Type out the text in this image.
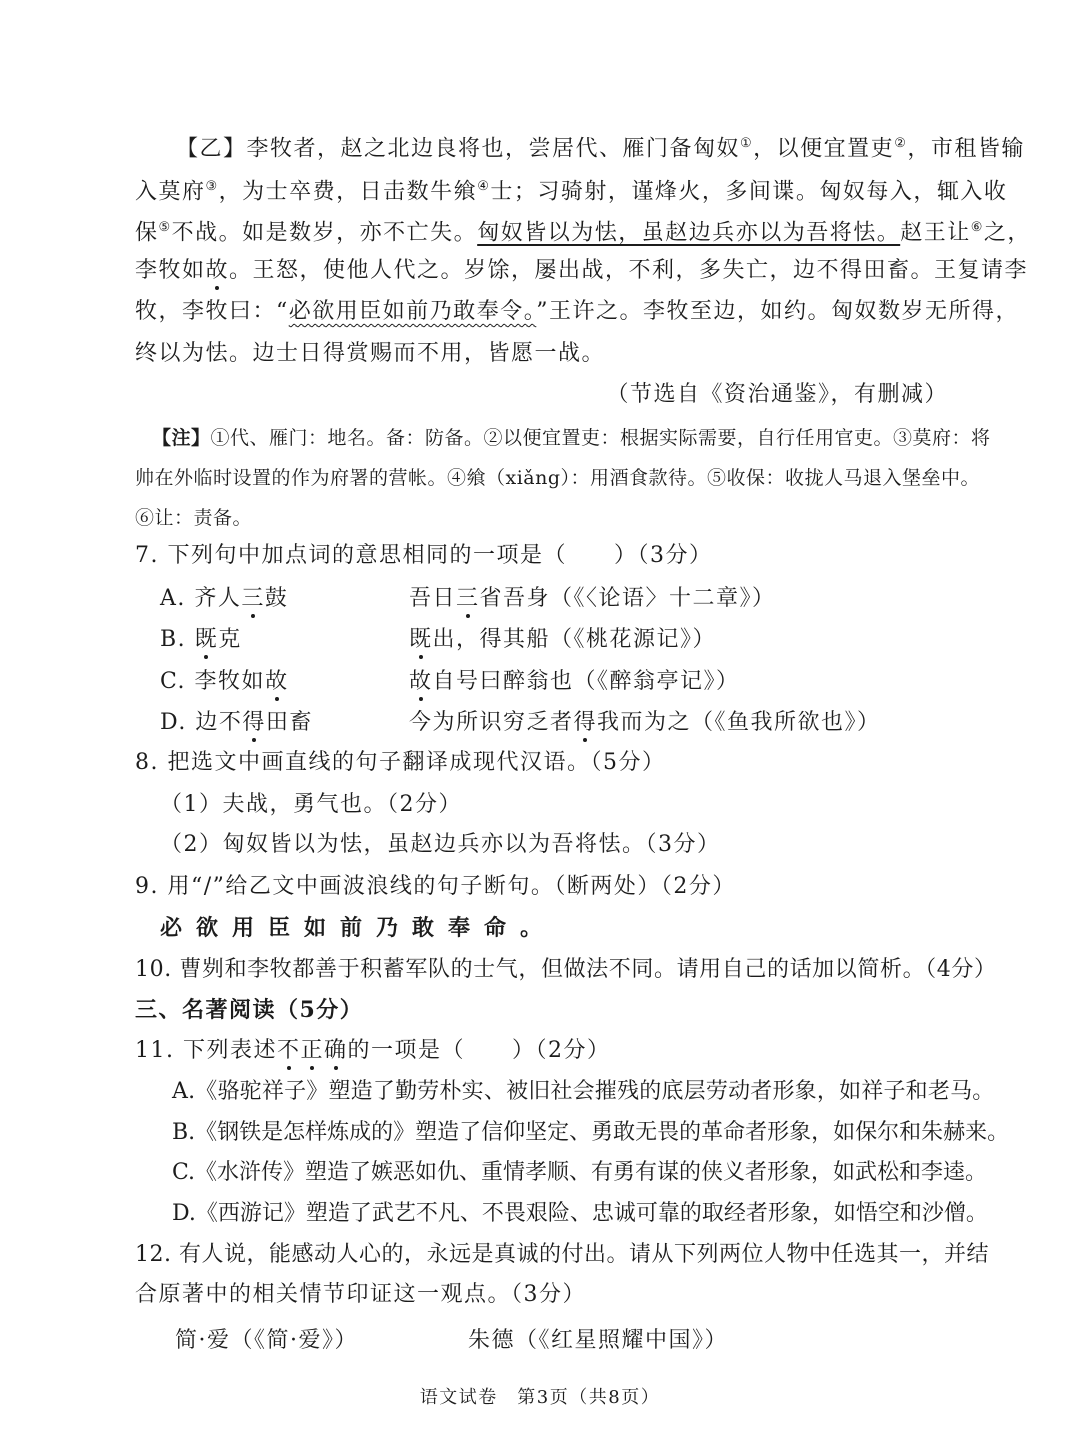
【乙】李牧者，赵之北边良将也，尝居代、雁门备匈奴①，以便宜置吏②，市租皆输
入莫府③，为士卒费，日击数牛飨④士；习骑射，谨烽火，多间谍。匈奴每入，辄入收
保⑤不战。如是数岁，亦不亡失。匈奴皆以为怯，虽赵边兵亦以为吾将怯。赵王让⑥之，
李牧如故。王怒，使他人代之。岁馀，屡出战，不利，多失亡，边不得田畜。王复请李
牧，李牧曰：“必欲用臣如前乃敢奉令。”王许之。李牧至边，如约。匈奴数岁无所得，
终以为怯。边士日得赏赐而不用，皆愿一战。
（节选自《资治通鉴》，有删减）
【注】①代、雁门：地名。备：防备。②以便宜置吏：根据实际需要，自行任用官吏。③莫府：将
帅在外临时设置的作为府署的营帐。④飨（xiǎng）：用酒食款待。⑤收保：收拢人马退入堡垒中。
⑥让：责备。
7. 下列句中加点词的意思相同的一项是（　　）（3分）
A. 齐人三鼓	吾日三省吾身（《〈论语〉十二章》）
B. 既克	既出，得其船（《桃花源记》）
C. 李牧如故	故自号曰醉翁也（《醉翁亭记》）
D. 边不得田畜	今为所识穷乏者得我而为之（《鱼我所欲也》）
8. 把选文中画直线的句子翻译成现代汉语。（5分）
（1）夫战，勇气也。（2分）
（2）匈奴皆以为怯，虽赵边兵亦以为吾将怯。（3分）
9. 用“/”给乙文中画波浪线的句子断句。（断两处）（2分）
必欲用臣如前乃敢奉命。
10. 曹刿和李牧都善于积蓄军队的士气，但做法不同。请用自己的话加以简析。（4分）
三、名著阅读（5分）
11. 下列表述不正确的一项是（　　）（2分）
A.《骆驼祥子》塑造了勤劳朴实、被旧社会摧残的底层劳动者形象，如祥子和老马。
B.《钢铁是怎样炼成的》塑造了信仰坚定、勇敢无畏的革命者形象，如保尔和朱赫来。
C.《水浒传》塑造了嫉恶如仇、重情孝顺、有勇有谋的侠义者形象，如武松和李逵。
D.《西游记》塑造了武艺不凡、不畏艰险、忠诚可靠的取经者形象，如悟空和沙僧。
12. 有人说，能感动人心的，永远是真诚的付出。请从下列两位人物中任选其一，并结
合原著中的相关情节印证这一观点。（3分）
简·爱（《简·爱》）	朱德（《红星照耀中国》）
语文试卷　第3页（共8页）
